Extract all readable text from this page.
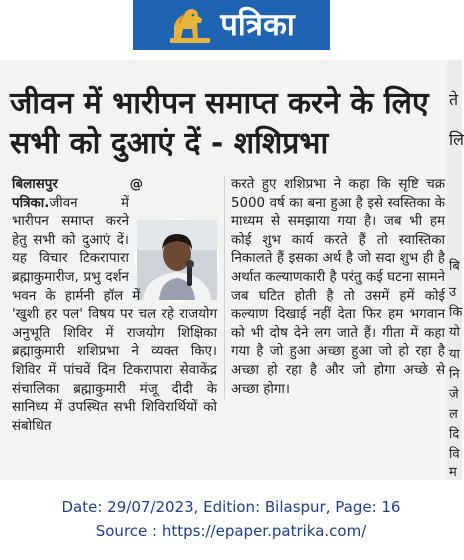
पत्रिका
जीवन में भारीपन समाप्त करने के लिए सभी को दुआएं दें - शशिप्रभा
बिलासपुर @ पत्रिका.जीवन में भारीपन समाप्त करने हेतु सभी को दुआएं दें। यह विचार टिकरापारा ब्रह्माकुमारीज, प्रभु दर्शन भवन के हार्मनी हॉल में 'खुशी हर पल' विषय पर चल रहे राजयोग अनुभूति शिविर में राजयोग शिक्षिका ब्रह्माकुमारी शशिप्रभा ने व्यक्त किए। शिविर में पांचवें दिन टिकरापारा सेवाकेंद्र संचालिका ब्रह्माकुमारी मंजू दीदी के सानिध्य में उपस्थित सभी शिविरार्थियों को संबोधित
करते हुए शशिप्रभा ने कहा कि सृष्टि चक्र 5000 वर्ष का बना हुआ है इसे स्वस्तिका के माध्यम से समझाया गया है। जब भी हम कोई शुभ कार्य करते हैं तो स्वास्तिका निकालते हैं इसका अर्थ है जो सदा शुभ ही है अर्थात कल्याणकारी है परंतु कई घटना सामने जब घटित होती है तो उसमें हमें कोई कल्याण दिखाई नहीं देता फिर हम भगवान को भी दोष देने लग जाते हैं। गीता में कहा गया है जो हुआ अच्छा हुआ जो हो रहा है अच्छा हो रहा है और जो होगा अच्छे से अच्छा होगा।
ते
लि
बि
उ
कि
यो
या
नि
जे
ल
दि
वि
म
Date: 29/07/2023, Edition: Bilaspur, Page: 16
Source : https://epaper.patrika.com/
